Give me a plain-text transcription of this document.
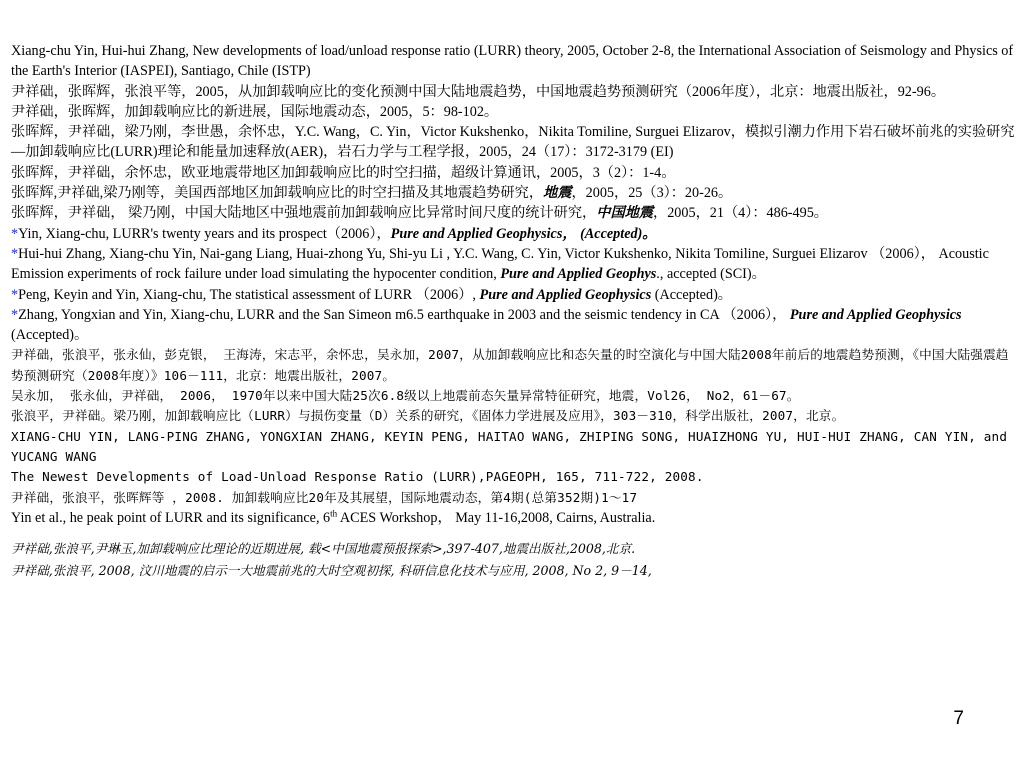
Xiang-chu Yin, Hui-hui Zhang, New developments of load/unload response ratio (LURR) theory, 2005, October 2-8, the International Association of Seismology and Physics of the Earth's Interior (IASPEI), Santiago, Chile (ISTP)

尹祥础，张晖辉，张浪平等，2005，从加卸载响应比的变化预测中国大陆地震趋势，中国地震趋势预测研究（2006年度），北京：地震出版社，92-96。

尹祥础，张晖辉，加卸载响应比的新进展，国际地震动态，2005，5：98-102。

张晖辉，尹祥础，梁乃刚，李世愚，余怀忠，Y.C. Wang，C. Yin，Victor Kukshenko，Nikita Tomiline, Surguei Elizarov，模拟引潮力作用下岩石破坏前兆的实验研究—加卸载响应比(LURR)理论和能量加速释放(AER)，岩石力学与工程学报，2005，24（17）：3172-3179 (EI)

张晖辉，尹祥础，余怀忠，欧亚地震带地区加卸载响应比的时空扫描，超级计算通讯，2005，3（2）：1-4。

张晖辉,尹祥础,梁乃刚等，美国西部地区加卸载响应比的时空扫描及其地震趋势研究，地震，2005，25（3）：20-26。

张晖辉，尹祥础， 梁乃刚，中国大陆地区中强地震前加卸载响应比异常时间尺度的统计研究，中国地震，2005，21（4）：486-495。

*Yin, Xiang-chu, LURR's twenty years and its prospect（2006），Pure and Applied Geophysics， (Accepted)。

*Hui-hui Zhang, Xiang-chu Yin, Nai-gang Liang, Huai-zhong Yu, Shi-yu Li , Y.C. Wang, C. Yin, Victor Kukshenko, Nikita Tomiline, Surguei Elizarov （2006）， Acoustic Emission experiments of rock failure under load simulating the hypocenter condition, Pure and Applied Geophys., accepted (SCI)。

*Peng, Keyin and Yin, Xiang-chu, The statistical assessment of LURR （2006）, Pure and Applied Geophysics (Accepted)。

*Zhang, Yongxian and Yin, Xiang-chu, LURR and the San Simeon m6.5 earthquake in 2003 and the seismic tendency in CA （2006）， Pure and Applied Geophysics (Accepted)。

尹祥础，张浪平，张永仙，彭克银， 王海涛，宋志平，余怀忠，吴永加，2007，从加卸载响应比和态矢量的时空演化与中国大陆2008年前后的地震趋势预测，《中国大陆强震趋势预测研究（2008年度）》106－111，北京：地震出版社，2007。

吴永加， 张永仙，尹祥础， 2006， 1970年以来中国大陆25次6.8级以上地震前态矢量异常特征研究，地震，Vol26， No2，61－67。

张浪平，尹祥础。梁乃刚，加卸载响应比（LURR）与损伤变量（D）关系的研究，《固体力学进展及应用》，303－310，科学出版社，2007，北京。

XIANG-CHU YIN, LANG-PING ZHANG, YONGXIAN ZHANG, KEYIN PENG, HAITAO WANG, ZHIPING SONG, HUAIZHONG YU, HUI-HUI ZHANG, CAN YIN, and YUCANG WANG

The Newest Developments of Load-Unload Response Ratio (LURR),PAGEOPH, 165, 711-722, 2008.

尹祥础，张浪平，张晖辉等 ，2008. 加卸载响应比20年及其展望，国际地震动态，第4期(总第352期)1～17

Yin et al., he peak point of LURR and its significance, 6th ACES Workshop， May 11-16,2008, Cairns, Australia.

尹祥础,张浪平,尹琳玉,加卸载响应比理论的近期进展, 载<中国地震预报探索>,397-407,地震出版社,2008,北京.

尹祥础,张浪平, 2008, 汶川地震的启示一大地震前兆的大时空观初探, 科研信息化技术与应用, 2008, No 2, 9－14,

7
